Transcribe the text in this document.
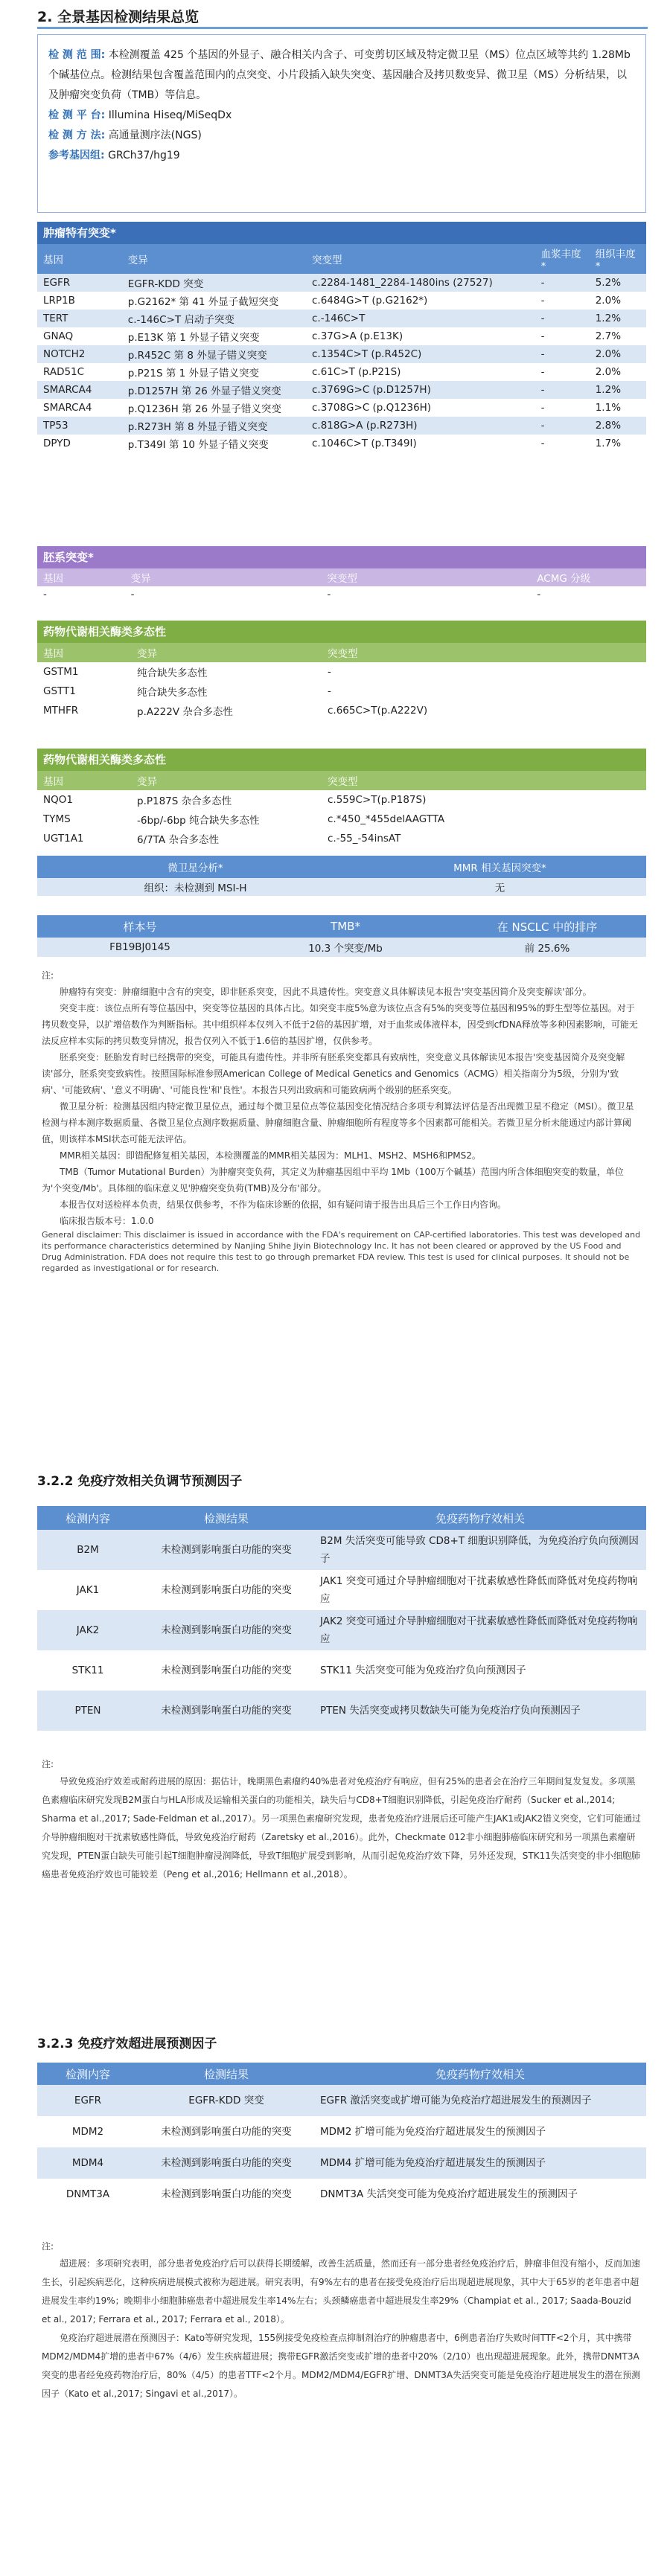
2. 全景基因检测结果总览
检 测 范 围: 本检测覆盖 425 个基因的外显子、融合相关内含子、可变剪切区域及特定微卫星（MS）位点区域等共约 1.28Mb 个碱基位点。检测结果包含覆盖范围内的点突变、小片段插入缺失突变、基因融合及拷贝数变异、微卫星（MS）分析结果，以及肿瘤突变负荷（TMB）等信息。
检 测 平 台: Illumina Hiseq/MiSeqDx
检 测 方 法: 高通量测序法(NGS)
参考基因组: GRCh37/hg19
肿瘤特有突变*
基因	变异	突变型	血浆丰度*	组织丰度*
EGFR	EGFR-KDD 突变	c.2284-1481_2284-1480ins (27527)	-	5.2%
LRP1B	p.G2162* 第 41 外显子截短突变	c.6484G>T (p.G2162*)	-	2.0%
TERT	c.-146C>T 启动子突变	c.-146C>T	-	1.2%
GNAQ	p.E13K 第 1 外显子错义突变	c.37G>A (p.E13K)	-	2.7%
NOTCH2	p.R452C 第 8 外显子错义突变	c.1354C>T (p.R452C)	-	2.0%
RAD51C	p.P21S 第 1 外显子错义突变	c.61C>T (p.P21S)	-	2.0%
SMARCA4	p.D1257H 第 26 外显子错义突变	c.3769G>C (p.D1257H)	-	1.2%
SMARCA4	p.Q1236H 第 26 外显子错义突变	c.3708G>C (p.Q1236H)	-	1.1%
TP53	p.R273H 第 8 外显子错义突变	c.818G>A (p.R273H)	-	2.8%
DPYD	p.T349I 第 10 外显子错义突变	c.1046C>T (p.T349I)	-	1.7%
胚系突变*
基因	变异	突变型	ACMG 分级
-	-	-	-
药物代谢相关酶类多态性
基因	变异	突变型
GSTM1	纯合缺失多态性	-
GSTT1	纯合缺失多态性	-
MTHFR	p.A222V 杂合多态性	c.665C>T(p.A222V)
药物代谢相关酶类多态性
基因	变异	突变型
NQO1	p.P187S 杂合多态性	c.559C>T(p.P187S)
TYMS	-6bp/-6bp 纯合缺失多态性	c.*450_*455delAAGTTA
UGT1A1	6/7TA 杂合多态性	c.-55_-54insAT
微卫星分析*	MMR 相关基因突变*
组织：未检测到 MSI-H	无
样本号	TMB*	在 NSCLC 中的排序
FB19BJ0145	10.3 个突变/Mb	前 25.6%

注:

肿瘤特有突变：肿瘤细胞中含有的突变，即非胚系突变，因此不具遗传性。突变意义具体解读见本报告'突变基因简介及突变解读'部分。

突变丰度：该位点所有等位基因中，突变等位基因的具体占比。如突变丰度5%意为该位点含有5%的突变等位基因和95%的野生型等位基因。对于拷贝数变异，以扩增倍数作为判断指标。其中组织样本仅列入不低于2倍的基因扩增，对于血浆或体液样本，因受到cfDNA释放等多种因素影响，可能无法反应样本实际的拷贝数变异情况，报告仅列入不低于1.6倍的基因扩增，仅供参考。

胚系突变：胚胎发育时已经携带的突变，可能具有遗传性。并非所有胚系突变都具有致病性，突变意义具体解读见本报告'突变基因简介及突变解读'部分，胚系突变致病性。按照国际标准参照American College of Medical Genetics and Genomics（ACMG）相关指南分为5级，分别为'致病'、'可能致病'、'意义不明确'、'可能良性'和'良性'。本报告只列出致病和可能致病两个级别的胚系突变。

微卫星分析：检测基因组内特定微卫星位点，通过每个微卫星位点等位基因变化情况结合多项专利算法评估是否出现微卫星不稳定（MSI）。微卫星检测与样本测序数据质量、各微卫星位点测序数据质量、肿瘤细胞含量、肿瘤细胞所有程度等多个因素都可能相关。若微卫星分析未能通过内部计算阈值，则该样本MSI状态可能无法评估。

MMR相关基因：即错配修复相关基因，本检测覆盖的MMR相关基因为：MLH1、MSH2、MSH6和PMS2。

TMB（Tumor Mutational Burden）为肿瘤突变负荷，其定义为肿瘤基因组中平均 1Mb（100万个碱基）范围内所含体细胞突变的数量，单位为'个突变/Mb'。具体细的临床意义见'肿瘤突变负荷(TMB)及分布'部分。

本报告仅对送检样本负责，结果仅供参考，不作为临床诊断的依据，如有疑问请于报告出具后三个工作日内咨询。

临床报告版本号：1.0.0

General disclaimer: This disclaimer is issued in accordance with the FDA's requirement on CAP-certified laboratories. This test was developed and its performance characteristics determined by Nanjing Shihe Jiyin Biotechnology Inc. It has not been cleared or approved by the US Food and Drug Administration. FDA does not require this test to go through premarket FDA review. This test is used for clinical purposes. It should not be regarded as investigational or for research.

3.2.2 免疫疗效相关负调节预测因子
检测内容	检测结果	免疫药物疗效相关
B2M	未检测到影响蛋白功能的突变	B2M 失活突变可能导致 CD8+T 细胞识别降低，为免疫治疗负向预测因子
JAK1	未检测到影响蛋白功能的突变	JAK1 突变可通过介导肿瘤细胞对干扰素敏感性降低而降低对免疫药物响应
JAK2	未检测到影响蛋白功能的突变	JAK2 突变可通过介导肿瘤细胞对干扰素敏感性降低而降低对免疫药物响应
STK11	未检测到影响蛋白功能的突变	STK11 失活突变可能为免疫治疗负向预测因子
PTEN	未检测到影响蛋白功能的突变	PTEN 失活突变或拷贝数缺失可能为免疫治疗负向预测因子

注:

导致免疫治疗效差或耐药进展的原因：据估计，晚期黑色素瘤约40%患者对免疫治疗有响应，但有25%的患者会在治疗三年期间复发复发。多项黑色素瘤临床研究发现B2M蛋白与HLA形成及运输相关蛋白的功能相关，缺失后与CD8+T细胞识别降低，引起免疫治疗耐药（Sucker et al.,2014; Sharma et al.,2017; Sade-Feldman et al.,2017）。另一项黑色素瘤研究发现，患者免疫治疗进展后还可能产生JAK1或JAK2错义突变，它们可能通过介导肿瘤细胞对干扰素敏感性降低，导致免疫治疗耐药（Zaretsky et al.,2016）。此外，Checkmate 012非小细胞肺癌临床研究和另一项黑色素瘤研究发现，PTEN蛋白缺失可能引起T细胞肿瘤浸润降低，导致T细胞扩展受到影响，从而引起免疫治疗效下降，另外还发现，STK11失活突变的非小细胞肺癌患者免疫治疗效也可能较差（Peng et al.,2016; Hellmann et al.,2018）。

3.2.3 免疫疗效超进展预测因子
检测内容	检测结果	免疫药物疗效相关
EGFR	EGFR-KDD 突变	EGFR 激活突变或扩增可能为免疫治疗超进展发生的预测因子
MDM2	未检测到影响蛋白功能的突变	MDM2 扩增可能为免疫治疗超进展发生的预测因子
MDM4	未检测到影响蛋白功能的突变	MDM4 扩增可能为免疫治疗超进展发生的预测因子
DNMT3A	未检测到影响蛋白功能的突变	DNMT3A 失活突变可能为免疫治疗超进展发生的预测因子

注:

超进展：多项研究表明，部分患者免疫治疗后可以获得长期缓解，改善生活质量，然而还有一部分患者经免疫治疗后，肿瘤非但没有缩小，反而加速生长，引起疾病恶化，这种疾病进展模式被称为超进展。研究表明，有9%左右的患者在接受免疫治疗后出现超进展现象，其中大于65岁的老年患者中超进展发生率约19%；晚期非小细胞肺癌患者中超进展发生率14%左右；头颈鳞癌患者中超进展发生率29%（Champiat et al., 2017; Saada-Bouzid et al., 2017; Ferrara et al., 2017; Ferrara et al., 2018）。

免疫治疗超进展潜在预测因子：Kato等研究发现，155例接受免疫检查点抑制剂治疗的肿瘤患者中，6例患者治疗失败时间TTF<2个月，其中携带MDM2/MDM4扩增的患者中67%（4/6）发生疾病超进展；携带EGFR激活突变或扩增的患者中20%（2/10）也出现超进展现象。此外，携带DNMT3A突变的患者经免疫药物治疗后，80%（4/5）的患者TTF<2个月。MDM2/MDM4/EGFR扩增、DNMT3A失活突变可能是免疫治疗超进展发生的潜在预测因子（Kato et al.,2017; Singavi et al.,2017）。
